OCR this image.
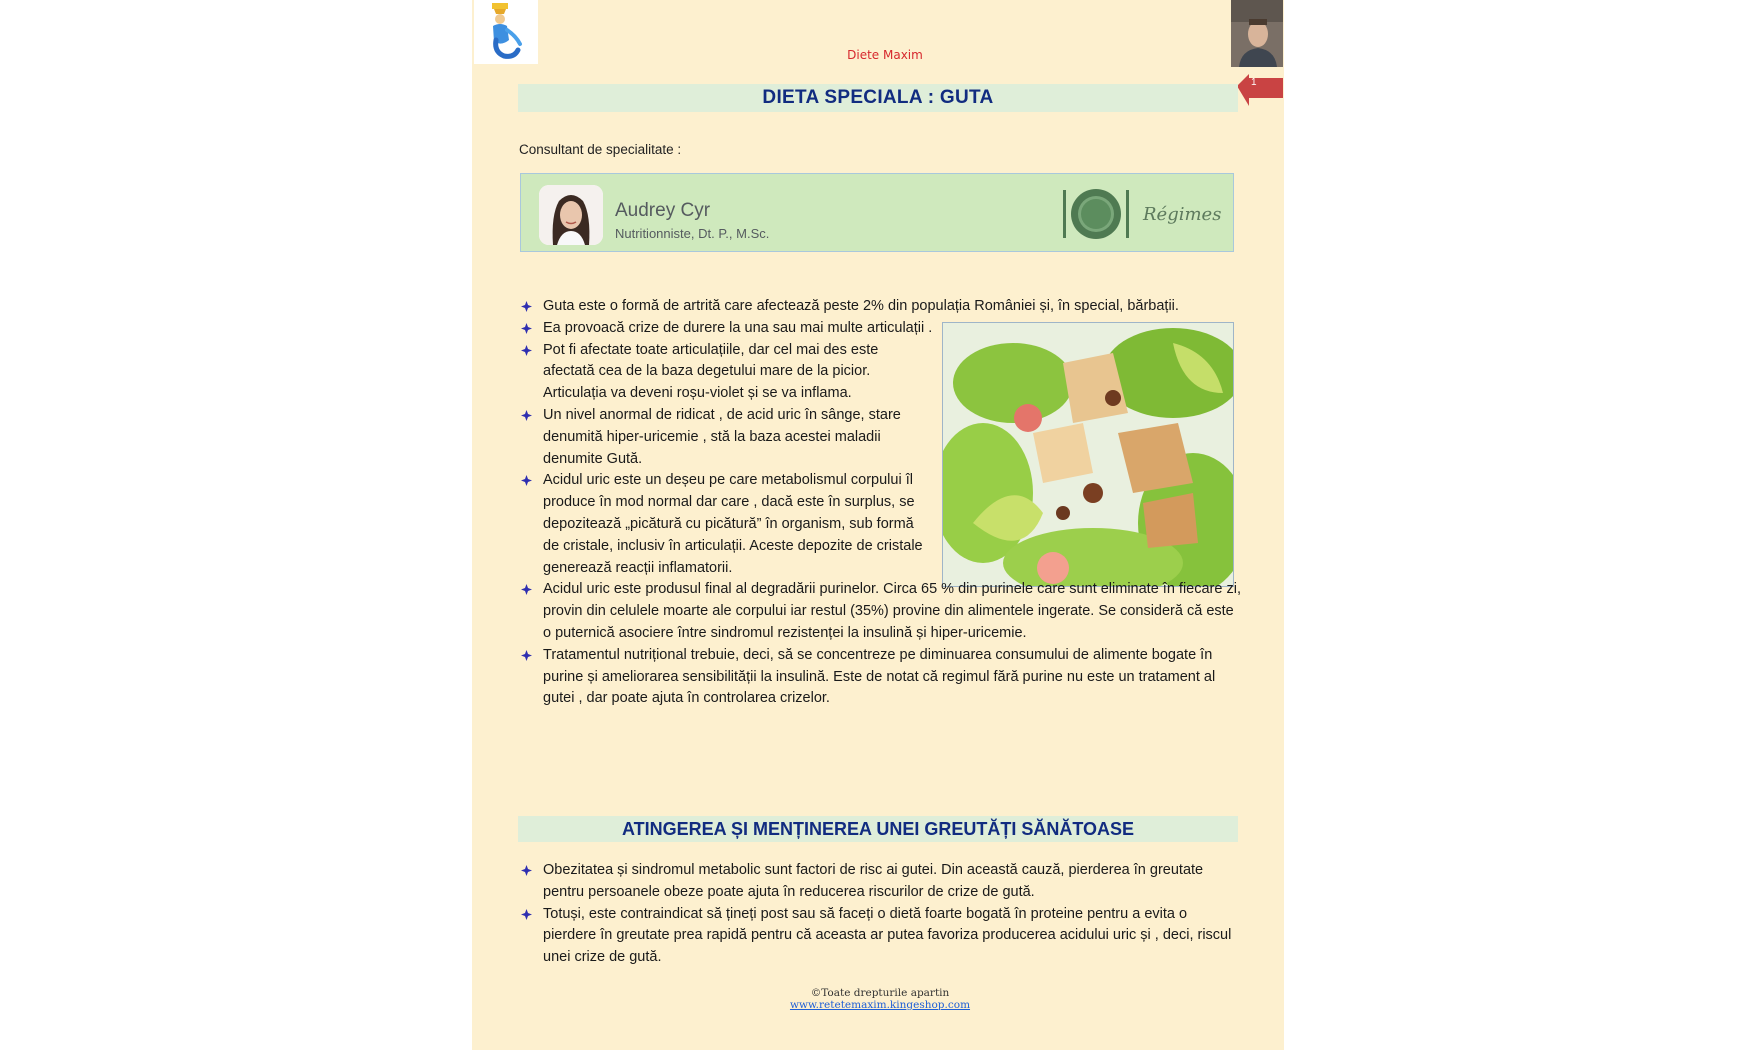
Diete Maxim
1
DIETA SPECIALA : GUTA
Consultant de specialitate :
Audrey Cyr
Nutritionniste, Dt. P., M.Sc.
Régimes
Guta este o formă de artrită care afectează peste 2% din populația României și, în special, bărbații.
Ea provoacă crize de durere la una sau mai multe articulații .
Pot fi afectate toate articulațiile, dar cel mai des este afectată cea de la baza degetului mare de la picior. Articulația va deveni roșu-violet și se va inflama.
Un nivel anormal de ridicat , de acid uric în sânge, stare denumită hiper-uricemie , stă la baza acestei maladii denumite Gută.
Acidul uric este un deșeu pe care metabolismul corpului îl produce în mod normal dar care , dacă este în surplus, se depozitează „picătură cu picătură” în organism, sub formă de cristale, inclusiv în articulații. Aceste depozite de cristale generează reacții inflamatorii.
Acidul uric este produsul final al degradării purinelor. Circa 65 % din purinele care sunt eliminate în fiecare zi, provin din celulele moarte ale corpului iar restul (35%) provine din alimentele ingerate. Se consideră că este o puternică asociere între sindromul rezistenței la insulină și hiper-uricemie.
Tratamentul nutrițional trebuie, deci, să se concentreze pe diminuarea consumului de alimente bogate în purine și ameliorarea sensibilității la insulină. Este de notat că regimul fără purine nu este un tratament al gutei , dar poate ajuta în controlarea crizelor.
ATINGEREA ȘI MENȚINEREA UNEI GREUTĂȚI SĂNĂTOASE
Obezitatea și sindromul metabolic sunt factori de risc ai gutei. Din această cauză, pierderea în greutate pentru persoanele obeze poate ajuta în reducerea riscurilor de crize de gută.
Totuși, este contraindicat să țineți post sau să faceți o dietă foarte bogată în proteine pentru a evita o pierdere în greutate prea rapidă pentru că aceasta ar putea favoriza producerea acidului uric și , deci, riscul unei crize de gută.
©Toate drepturile apartin www.retetemaxim.kingeshop.com
